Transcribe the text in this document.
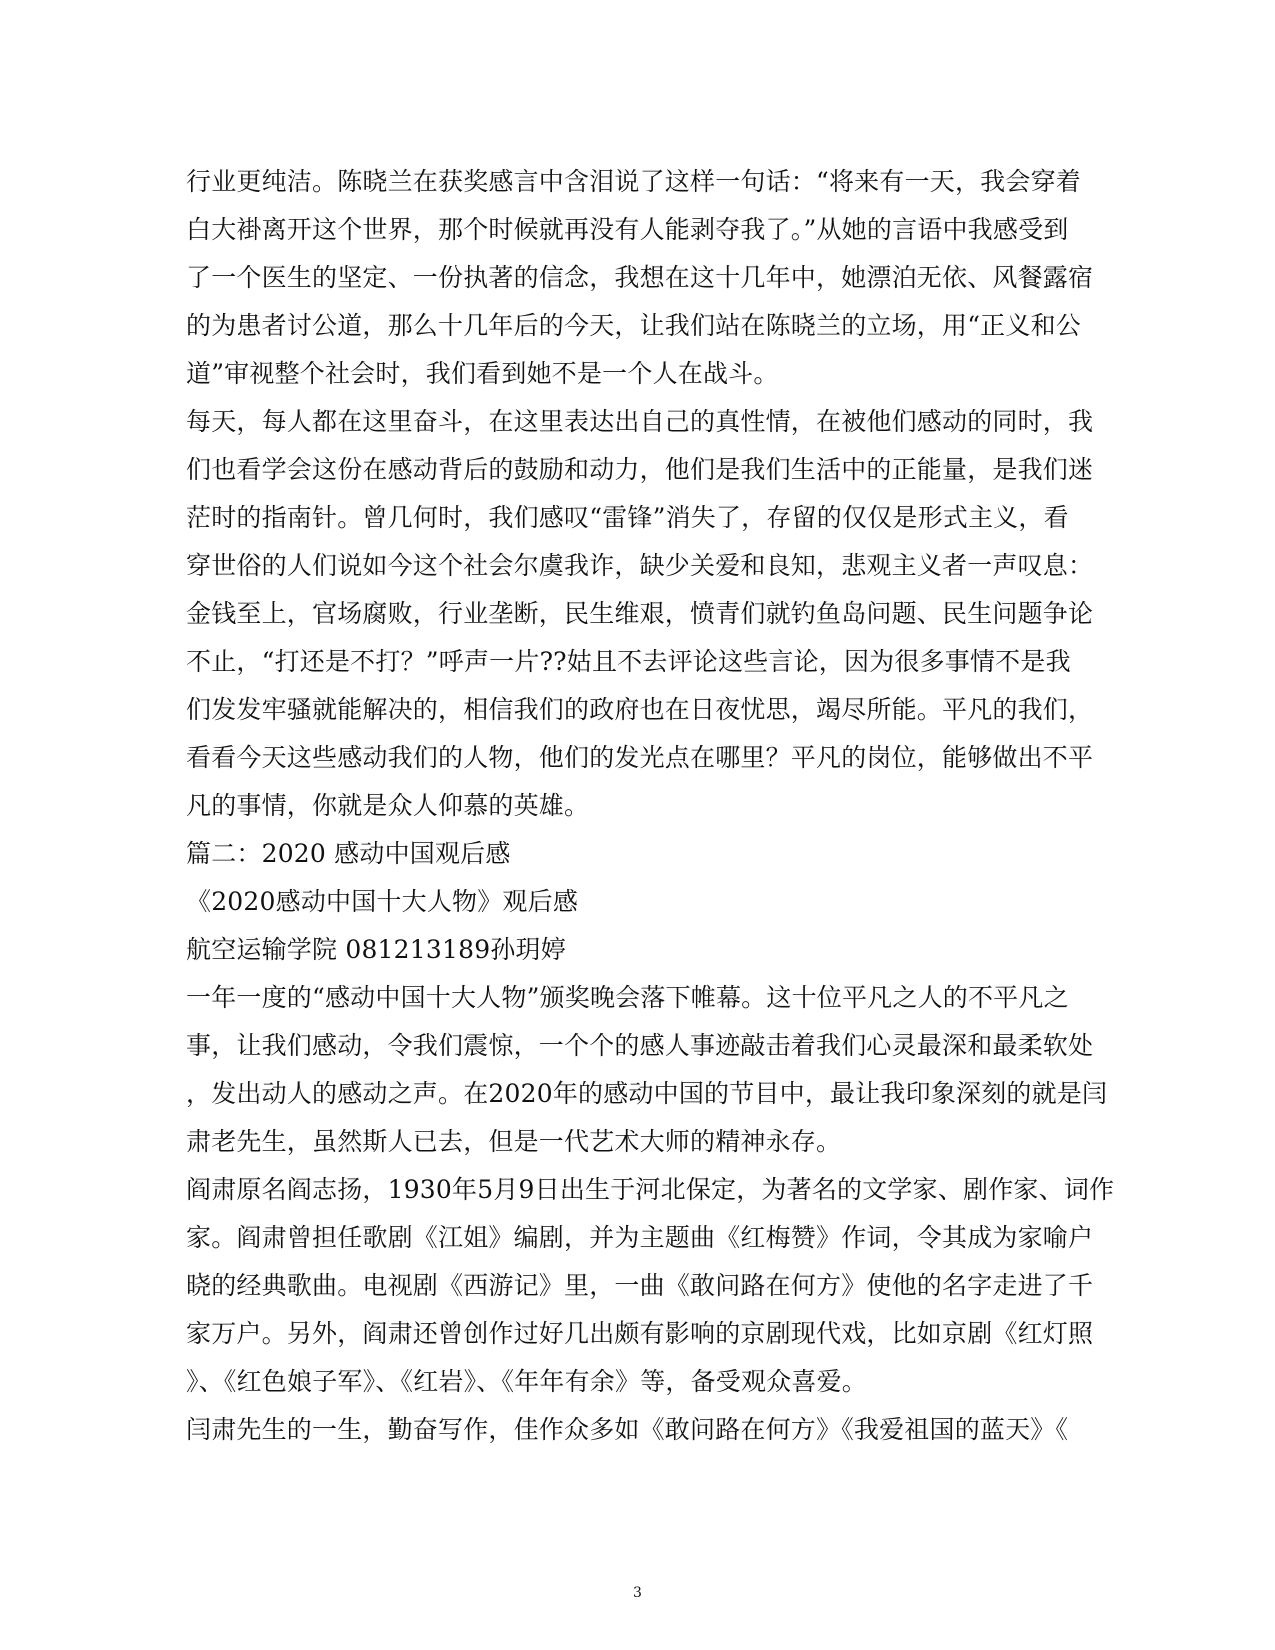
行业更纯洁。陈晓兰在获奖感言中含泪说了这样一句话：“将来有一天，我会穿着
白大褂离开这个世界，那个时候就再没有人能剥夺我了。”从她的言语中我感受到
了一个医生的坚定、一份执著的信念，我想在这十几年中，她漂泊无依、风餐露宿
的为患者讨公道，那么十几年后的今天，让我们站在陈晓兰的立场，用“正义和公
道”审视整个社会时，我们看到她不是一个人在战斗。
每天，每人都在这里奋斗，在这里表达出自己的真性情，在被他们感动的同时，我
们也看学会这份在感动背后的鼓励和动力，他们是我们生活中的正能量，是我们迷
茫时的指南针。曾几何时，我们感叹“雷锋”消失了，存留的仅仅是形式主义，看
穿世俗的人们说如今这个社会尔虞我诈，缺少关爱和良知，悲观主义者一声叹息：
金钱至上，官场腐败，行业垄断，民生维艰，愤青们就钓鱼岛问题、民生问题争论
不止，“打还是不打？”呼声一片??姑且不去评论这些言论，因为很多事情不是我
们发发牢骚就能解决的，相信我们的政府也在日夜忧思，竭尽所能。平凡的我们，
看看今天这些感动我们的人物，他们的发光点在哪里？平凡的岗位，能够做出不平
凡的事情，你就是众人仰慕的英雄。
篇二：2020 感动中国观后感
《2020感动中国十大人物》观后感
航空运输学院 081213189孙玥婷
一年一度的“感动中国十大人物”颁奖晚会落下帷幕。这十位平凡之人的不平凡之
事，让我们感动，令我们震惊，一个个的感人事迹敲击着我们心灵最深和最柔软处
，发出动人的感动之声。在2020年的感动中国的节目中，最让我印象深刻的就是闫
肃老先生，虽然斯人已去，但是一代艺术大师的精神永存。
阎肃原名阎志扬，1930年5月9日出生于河北保定，为著名的文学家、剧作家、词作
家。阎肃曾担任歌剧《江姐》编剧，并为主题曲《红梅赞》作词，令其成为家喻户
晓的经典歌曲。电视剧《西游记》里，一曲《敢问路在何方》使他的名字走进了千
家万户。另外，阎肃还曾创作过好几出颇有影响的京剧现代戏，比如京剧《红灯照
》、《红色娘子军》、《红岩》、《年年有余》等，备受观众喜爱。
闫肃先生的一生，勤奋写作，佳作众多如《敢问路在何方》《我爱祖国的蓝天》《
3
